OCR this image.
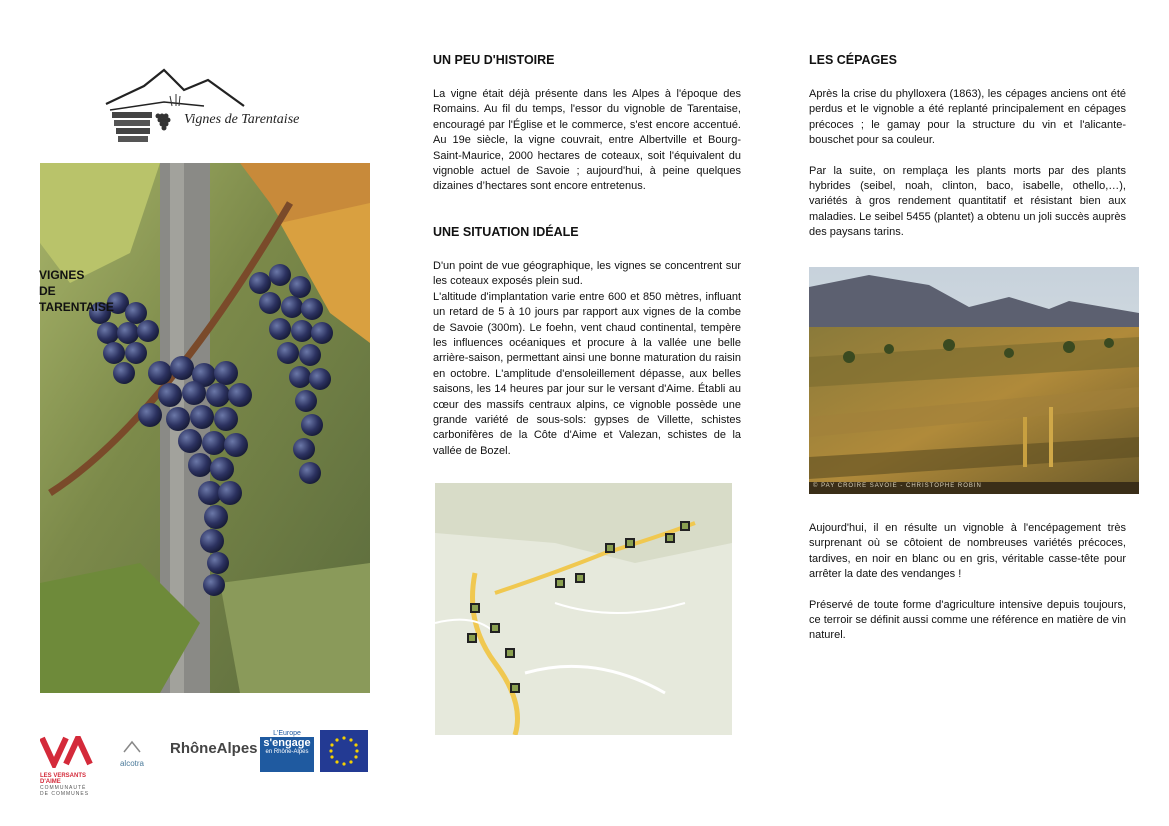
Vignes de Tarentaise
VIGNES
DE
TARENTAISE
UN PEU D'HISTOIRE

La vigne était déjà présente dans les Alpes à l'époque des Romains. Au fil du temps, l'essor du vignoble de Tarentaise, encouragé par l'Église et le commerce, s'est encore accentué. Au 19e siècle, la vigne couvrait, entre Albertville et Bourg-Saint-Maurice, 2000 hectares de coteaux, soit l'équivalent du vignoble actuel de Savoie ; aujourd'hui, à peine quelques dizaines d’hectares sont encore entretenus.

UNE SITUATION IDÉALE

D'un point de vue géographique, les vignes se concentrent sur les coteaux exposés plein sud.

L'altitude d'implantation varie entre 600 et 850 mètres, influant un retard de 5 à 10 jours par rapport aux vignes de la combe de Savoie (300m). Le foehn, vent chaud continental, tempère les influences océaniques et procure à la vallée une belle arrière-saison, permettant ainsi une bonne maturation du raisin en octobre. L'amplitude d'ensoleillement dépasse, aux belles saisons, les 14 heures par jour sur le versant d'Aime. Établi au cœur des massifs centraux alpins, ce vignoble possède une grande variété de sous-sols: gypses de Villette, schistes carbonifères de la Côte d'Aime et Valezan, schistes de la vallée de Bozel.

LES CÉPAGES

Après la crise du phylloxera (1863), les cépages anciens ont été perdus et le vignoble a été replanté principalement en cépages précoces ; le gamay pour la structure du vin et l'alicante-bouschet pour sa couleur.

Par la suite, on remplaça les plants morts par des plants hybrides (seibel, noah, clinton, baco, isabelle, othello,…), variétés à gros rendement quantitatif et résistant bien aux maladies. Le seibel 5455 (plantet) a obtenu un joli succès auprès des paysans tarins.

© PAY CROIRE SAVOIE - CHRISTOPHE ROBIN

Aujourd'hui, il en résulte un vignoble à l'encépagement très surprenant où se côtoient de nombreuses variétés précoces, tardives, en noir en blanc ou en gris, véritable casse-tête pour arrêter la date des vendanges !

Préservé de toute forme d'agriculture intensive depuis toujours, ce terroir se définit aussi comme une référence en matière de vin naturel.

LES VERSANTS D'AIME
COMMUNAUTÉ
DE COMMUNES
alcotra
RhôneAlpes
L'Europe
s'engage
en Rhône-Alpes
